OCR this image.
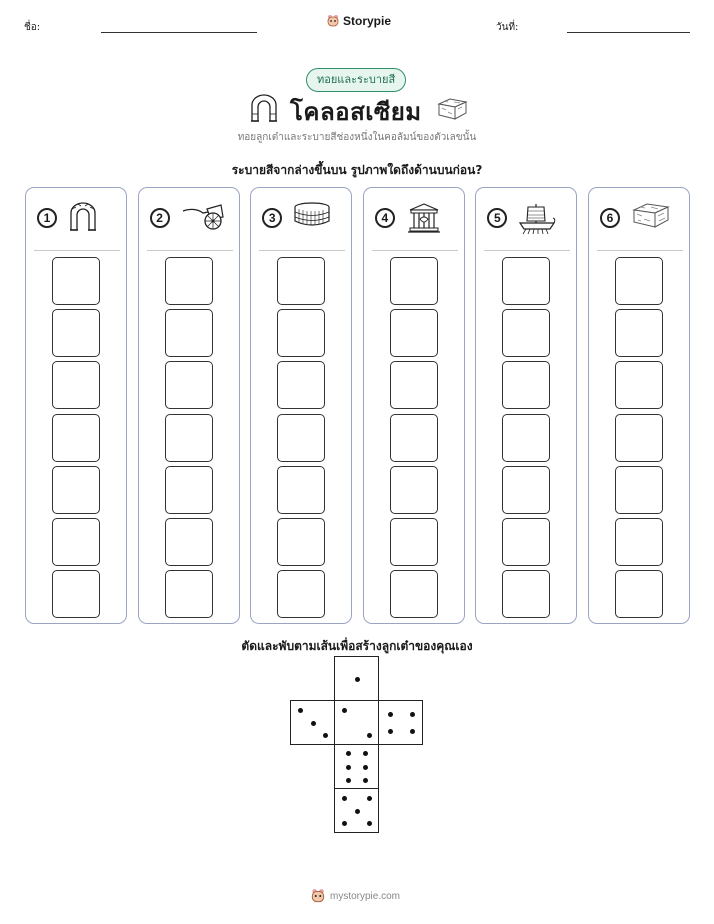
ชื่อ:	Storypie	วันที่:
ทอยและระบายสี
โคลอสเซียม
ทอยลูกเต๋าและระบายสีช่องหนึ่งในคอลัมน์ของตัวเลขนั้น
ระบายสีจากล่างขึ้นบน รูปภาพใดถึงด้านบนก่อน?
1	2	3	4	5	6
ตัดและพับตามเส้นเพื่อสร้างลูกเต๋าของคุณเอง
mystorypie.com
